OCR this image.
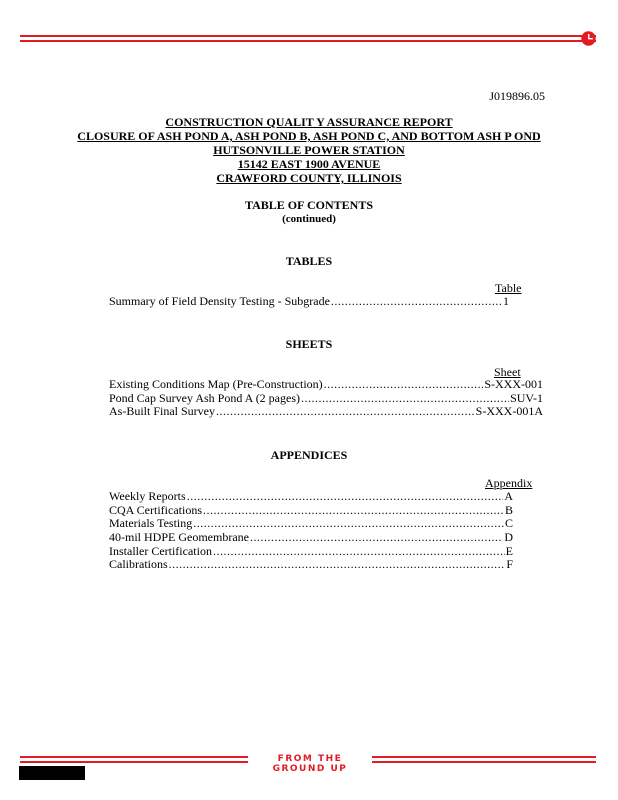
J019896.05
CONSTRUCTION QUALIT Y ASSURANCE REPORT
CLOSURE OF ASH POND A, ASH POND B, ASH POND C, AND BOTTOM ASH P OND
HUTSONVILLE POWER STATION
15142 EAST 1900 AVENUE
CRAWFORD COUNTY, ILLINOIS
TABLE OF CONTENTS
(continued)
TABLES
Table
Summary of Field Density Testing - Subgrade .....	1
SHEETS
Sheet
Existing Conditions Map (Pre-Construction) .....	S-XXX-001
Pond Cap Survey Ash Pond A (2 pages) .....	SUV-1
As-Built Final Survey .....	S-XXX-001A
APPENDICES
Appendix
Weekly Reports .....	A
CQA Certifications .....	B
Materials Testing .....	C
40-mil HDPE Geomembrane .....	D
Installer Certification .....	E
Calibrations .....	F
FROM THE GROUND UP
